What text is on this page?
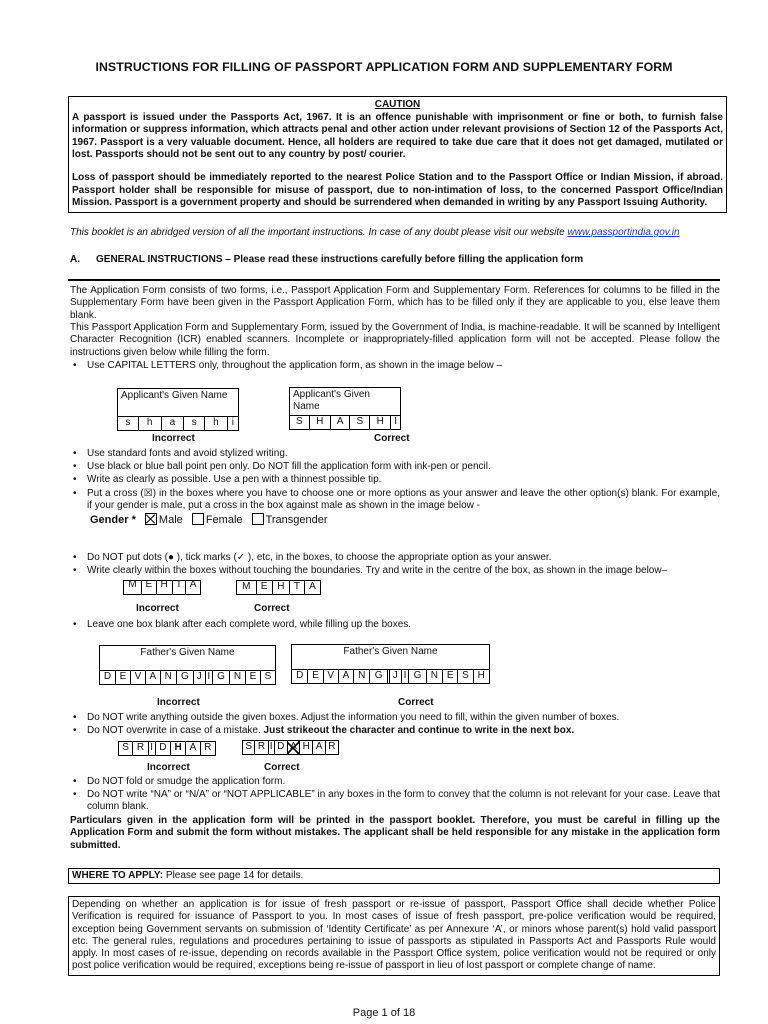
INSTRUCTIONS FOR FILLING OF PASSPORT APPLICATION FORM AND SUPPLEMENTARY FORM
CAUTION

A passport is issued under the Passports Act, 1967. It is an offence punishable with imprisonment or fine or both, to furnish false information or suppress information, which attracts penal and other action under relevant provisions of Section 12 of the Passports Act, 1967. Passport is a very valuable document. Hence, all holders are required to take due care that it does not get damaged, mutilated or lost. Passports should not be sent out to any country by post/ courier.

Loss of passport should be immediately reported to the nearest Police Station and to the Passport Office or Indian Mission, if abroad. Passport holder shall be responsible for misuse of passport, due to non-intimation of loss, to the concerned Passport Office/Indian Mission. Passport is a government property and should be surrendered when demanded in writing by any Passport Issuing Authority.

This booklet is an abridged version of all the important instructions. In case of any doubt please visit our website www.passportindia.gov.in
A. GENERAL INSTRUCTIONS – Please read these instructions carefully before filling the application form

The Application Form consists of two forms, i.e., Passport Application Form and Supplementary Form. References for columns to be filled in the Supplementary Form have been given in the Passport Application Form, which has to be filled only if they are applicable to you, else leave them blank.

This Passport Application Form and Supplementary Form, issued by the Government of India, is machine-readable. It will be scanned by Intelligent Character Recognition (ICR) enabled scanners. Incomplete or inappropriately-filled application form will not be accepted. Please follow the instructions given below while filling the form.

• Use CAPITAL LETTERS only, throughout the application form, as shown in the image below –
Applicant's Given Name
s	h	a	s	h	i
Incorrect
Applicant's Given Name
S	H	A	S	H	I
Correct
• Use standard fonts and avoid stylized writing.
• Use black or blue ball point pen only. Do NOT fill the application form with ink-pen or pencil.
• Write as clearly as possible. Use a pen with a thinnest possible tip.
• Put a cross (☒) in the boxes where you have to choose one or more options as your answer and leave the other option(s) blank. For example, if your gender is male, put a cross in the box against male as shown in the image below -
Gender * Male Female Transgender
• Do NOT put dots (● ), tick marks (✓ ), etc, in the boxes, to choose the appropriate option as your answer.
• Write clearly within the boxes without touching the boundaries. Try and write in the centre of the box, as shown in the image below–
M	E	H	T	A
Incorrect
M	E	H	T	A
Correct
• Leave one box blank after each complete word, while filling up the boxes.
Father's Given Name
D	E	V	A	N	G	J	I	G	N	E	S
Incorrect
Father's Given Name
D	E	V	A	N	G		J	I	G	N	E	S	H
Correct
• Do NOT write anything outside the given boxes. Adjust the information you need to fill, within the given number of boxes.
• Do NOT overwrite in case of a mistake. Just strikeout the character and continue to write in the next box.
S	R	I	D	H	A	R
Incorrect
S	R	I	D	A	H	A	R
Correct
• Do NOT fold or smudge the application form.
• Do NOT write “NA” or “N/A” or “NOT APPLICABLE” in any boxes in the form to convey that the column is not relevant for your case. Leave that column blank.

Particulars given in the application form will be printed in the passport booklet. Therefore, you must be careful in filling up the Application Form and submit the form without mistakes. The applicant shall be held responsible for any mistake in the application form submitted.

WHERE TO APPLY: Please see page 14 for details.
Depending on whether an application is for issue of fresh passport or re-issue of passport, Passport Office shall decide whether Police Verification is required for issuance of Passport to you. In most cases of issue of fresh passport, pre-police verification would be required, exception being Government servants on submission of ‘Identity Certificate’ as per Annexure ‘A’, or minors whose parent(s) hold valid passport etc. The general rules, regulations and procedures pertaining to issue of passports as stipulated in Passports Act and Passports Rule would apply. In most cases of re-issue, depending on records available in the Passport Office system, police verification would not be required or only post police verification would be required, exceptions being re-issue of passport in lieu of lost passport or complete change of name.
Page 1 of 18
